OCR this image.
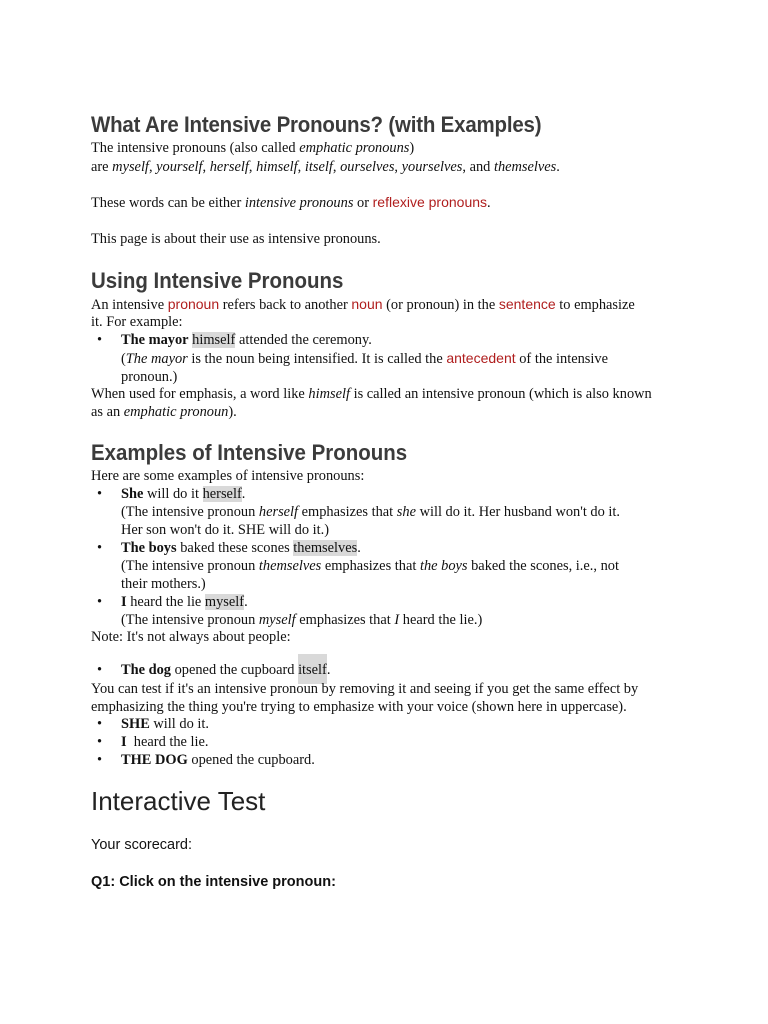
What Are Intensive Pronouns? (with Examples)
The intensive pronouns (also called emphatic pronouns)
are myself, yourself, herself, himself, itself, ourselves, yourselves, and themselves.
These words can be either intensive pronouns or reflexive pronouns.
This page is about their use as intensive pronouns.
Using Intensive Pronouns
An intensive pronoun refers back to another noun (or pronoun) in the sentence to emphasize
it. For example:
• The mayor himself attended the ceremony.
(The mayor is the noun being intensified. It is called the antecedent of the intensive
pronoun.)
When used for emphasis, a word like himself is called an intensive pronoun (which is also known
as an emphatic pronoun).
Examples of Intensive Pronouns
Here are some examples of intensive pronouns:
• She will do it herself.
(The intensive pronoun herself emphasizes that she will do it. Her husband won't do it.
Her son won't do it. SHE will do it.)
• The boys baked these scones themselves.
(The intensive pronoun themselves emphasizes that the boys baked the scones, i.e., not
their mothers.)
• I heard the lie myself.
(The intensive pronoun myself emphasizes that I heard the lie.)
Note: It's not always about people:
• The dog opened the cupboard itself.
You can test if it's an intensive pronoun by removing it and seeing if you get the same effect by
emphasizing the thing you're trying to emphasize with your voice (shown here in uppercase).
• SHE will do it.
• I  heard the lie.
• THE DOG opened the cupboard.
Interactive Test
Your scorecard:
Q1: Click on the intensive pronoun:
